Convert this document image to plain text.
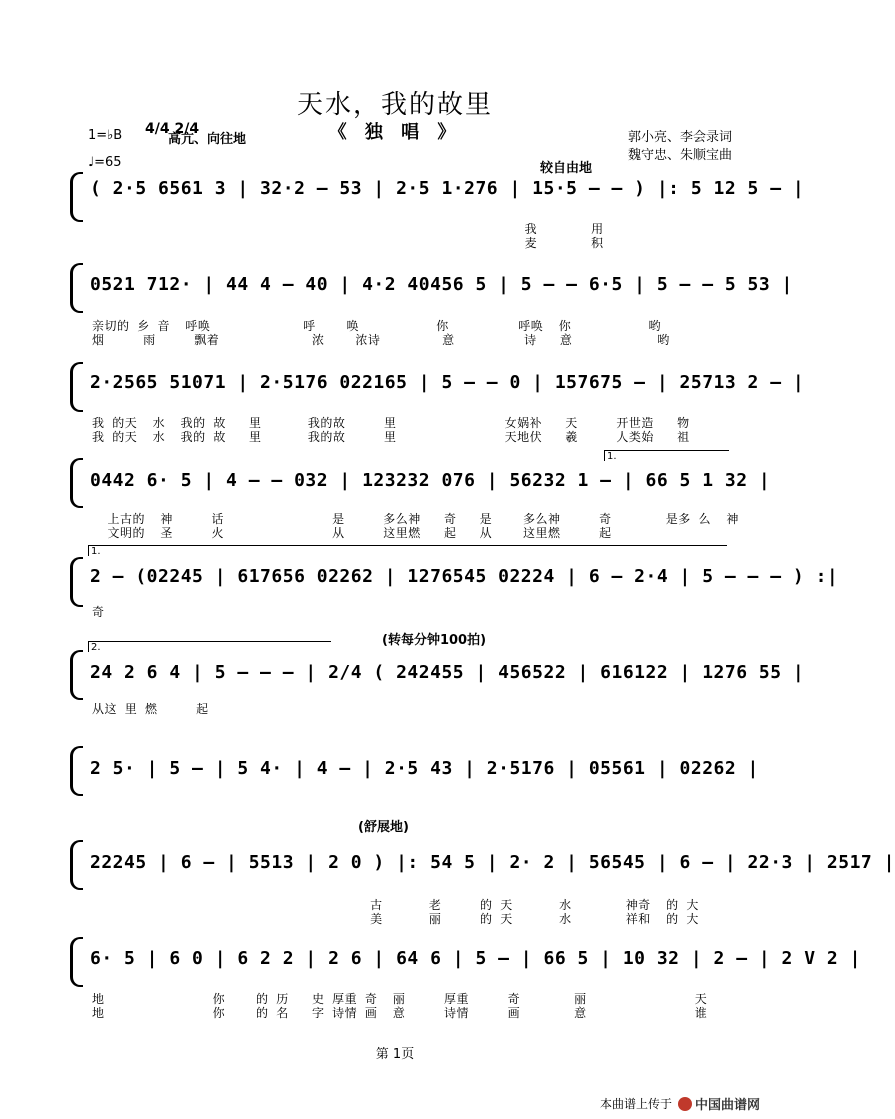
天水，我的故里
《 独 唱 》	郭小亮、李会录词
魏守忠、朱顺宝曲
1=♭B 4/4 2/4
高亢、向往地
♩=65	较自由地
(转每分钟100拍)
(舒展地)
( 2·5 6561 3 | 32·2 – 53 | 2·5 1·276 | 15·5 – – ) |: 5 12 5 – |
我       用
麦       积
0521 712· | 44 4 – 40 | 4·2 40456 5 | 5 – – 6·5 | 5 – – 5 53 |
亲切的 乡 音  呼唤            呼    唤          你         呼唤  你          哟
烟     雨     飘着            浓    浓诗        意         诗   意           哟
2·2565 51071 | 2·5176 022165 | 5 – – 0 | 157675 – | 25713 2 – |
我 的天  水  我的 故   里      我的故     里              女娲补   天     开世造   物
我 的天  水  我的 故   里      我的故     里              天地伏   羲     人类始   祖
1.
0442 6· 5 | 4 – – 032 | 123232 076 | 56232 1 – | 66 5 1 32 |
上古的  神     话              是     多么神   奇   是    多么神     奇       是多 么  神
文明的  圣     火              从     这里燃   起   从    这里燃     起
1.
2 – (02245 | 617656 02262 | 1276545 02224 | 6 – 2·4 | 5 – – – ) :|
奇
2.
24 2 6 4 | 5 – – – | 2/4 ( 242455 | 456522 | 616122 | 1276 55 |
从这 里 燃     起
2 5· | 5 – | 5 4· | 4 – | 2·5 43 | 2·5176 | 05561 | 02262 |
22245 | 6 – | 5513 | 2 0 ) |: 54 5 | 2· 2 | 56545 | 6 – | 22·3 | 2517 |
古      老     的 天      水       神奇  的 大
美      丽     的 天      水       祥和  的 大
6· 5 | 6 0 | 6 2 2 | 2 6 | 64 6 | 5 – | 66 5 | 10 32 | 2 – | 2 V 2 |
地              你    的 历   史 厚重 奇  丽     厚重     奇       丽              天
地              你    的 名   字 诗情 画  意     诗情     画       意              谁
第 1页
本曲谱上传于 中国曲谱网
